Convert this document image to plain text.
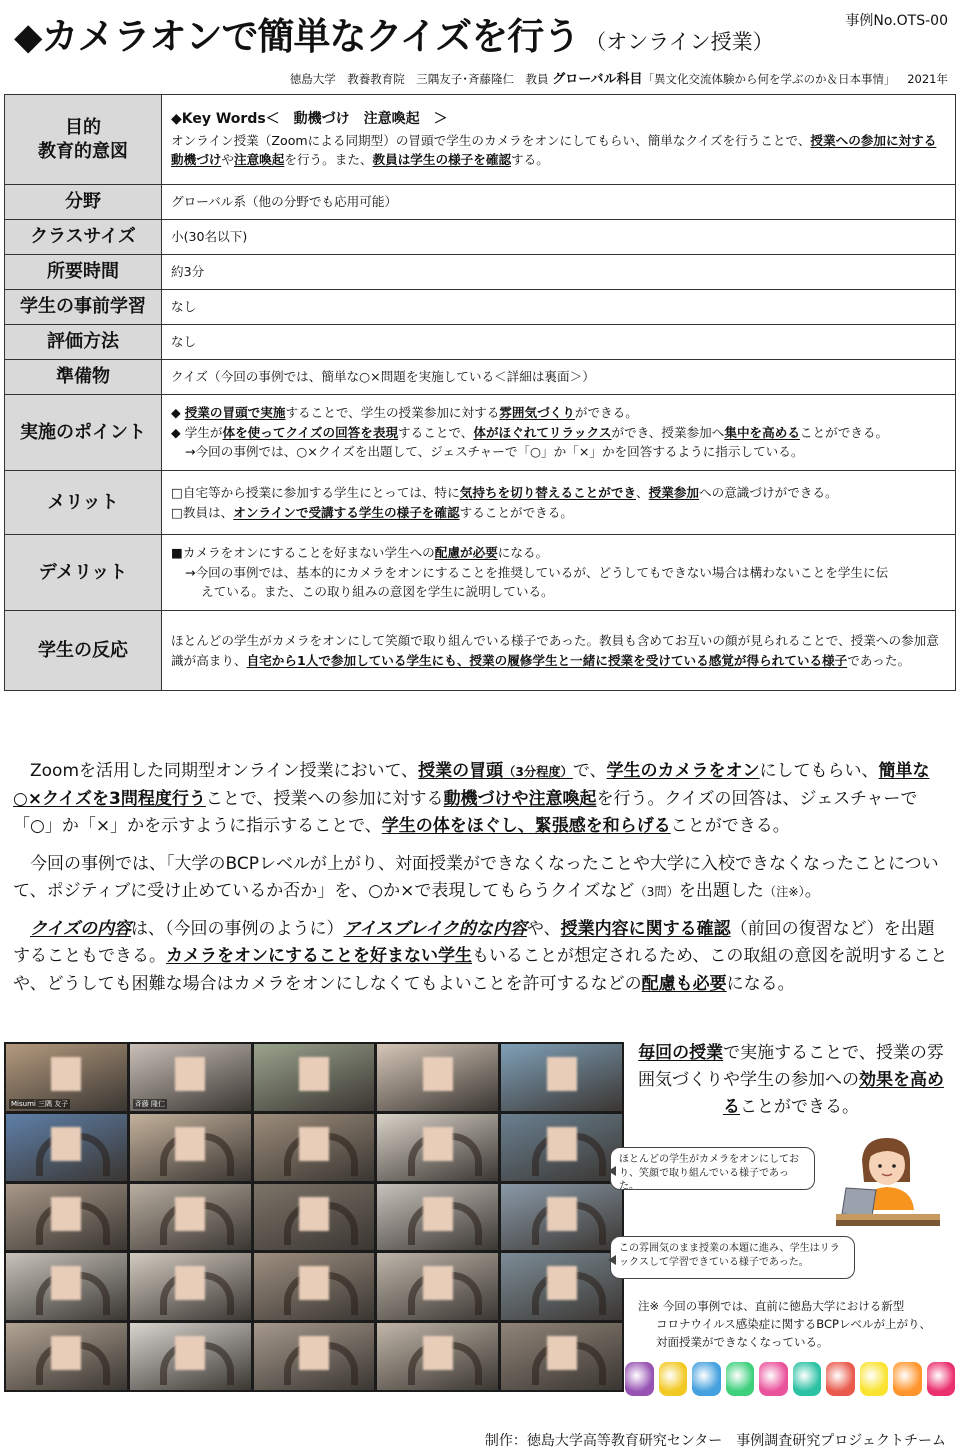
◆カメラオンで簡単なクイズを行う （オンライン授業）
事例No.OTS-00
徳島大学　教養教育院　三隅友子･斉藤隆仁　教員 グローバル科目「異文化交流体験から何を学ぶのか＆日本事情」 2021年
目的
教育的意図	◆Key Words＜　動機づけ　注意喚起　＞
オンライン授業（Zoomによる同期型）の冒頭で学生のカメラをオンにしてもらい、簡単なクイズを行うことで、授業への参加に対する動機づけや注意喚起を行う。また、教員は学生の様子を確認する。
分野	グローバル系（他の分野でも応用可能）
クラスサイズ	小(30名以下)
所要時間	約3分
学生の事前学習	なし
評価方法	なし
準備物	クイズ（今回の事例では、簡単な○×問題を実施している＜詳細は裏面＞）
実施のポイント	◆ 授業の冒頭で実施することで、学生の授業参加に対する雰囲気づくりができる。
◆ 学生が体を使ってクイズの回答を表現することで、体がほぐれてリラックスができ、授業参加へ集中を高めることができる。
→今回の事例では、○×クイズを出題して、ジェスチャーで「○」か「×」かを回答するように指示している。

メリット	□自宅等から授業に参加する学生にとっては、特に気持ちを切り替えることができ、授業参加への意識づけができる。
□教員は、オンラインで受講する学生の様子を確認することができる。

デメリット	■カメラをオンにすることを好まない学生への配慮が必要になる。
→今回の事例では、基本的にカメラをオンにすることを推奨しているが、どうしてもできない場合は構わないことを学生に伝
えている。また、この取り組みの意図を学生に説明している。

学生の反応	ほとんどの学生がカメラをオンにして笑顔で取り組んでいる様子であった。教員も含めてお互いの顔が見られることで、授業への参加意識が高まり、自宅から1人で参加している学生にも、授業の履修学生と一緒に授業を受けている感覚が得られている様子であった。

Zoomを活用した同期型オンライン授業において、授業の冒頭（3分程度）で、学生のカメラをオンにしてもらい、簡単な○×クイズを3問程度行うことで、授業への参加に対する動機づけや注意喚起を行う。クイズの回答は、ジェスチャーで「○」か「×」かを示すように指示することで、学生の体をほぐし、緊張感を和らげることができる。

今回の事例では、「大学のBCPレベルが上がり、対面授業ができなくなったことや大学に入校できなくなったことについて、ポジティブに受け止めているか否か」を、○か×で表現してもらうクイズなど（3問）を出題した（注※）。

クイズの内容は、（今回の事例のように）アイスブレイク的な内容や、授業内容に関する確認（前回の復習など）を出題することもできる。カメラをオンにすることを好まない学生もいることが想定されるため、この取組の意図を説明することや、どうしても困難な場合はカメラをオンにしなくてもよいことを許可するなどの配慮も必要になる。

Misumi 三隅 友子	斉藤 隆仁
毎回の授業で実施することで、授業の雰囲気づくりや学生の参加への効果を高めることができる。
ほとんどの学生がカメラをオンにしており、笑顔で取り組んでいる様子であった。
この雰囲気のまま授業の本題に進み、学生はリラックスして学習できている様子であった。
注※ 今回の事例では、直前に徳島大学における新型

コロナウイルス感染症に関するBCPレベルが上がり、
対面授業ができなくなっている。
制作：徳島大学高等教育研究センター　事例調査研究プロジェクトチーム
